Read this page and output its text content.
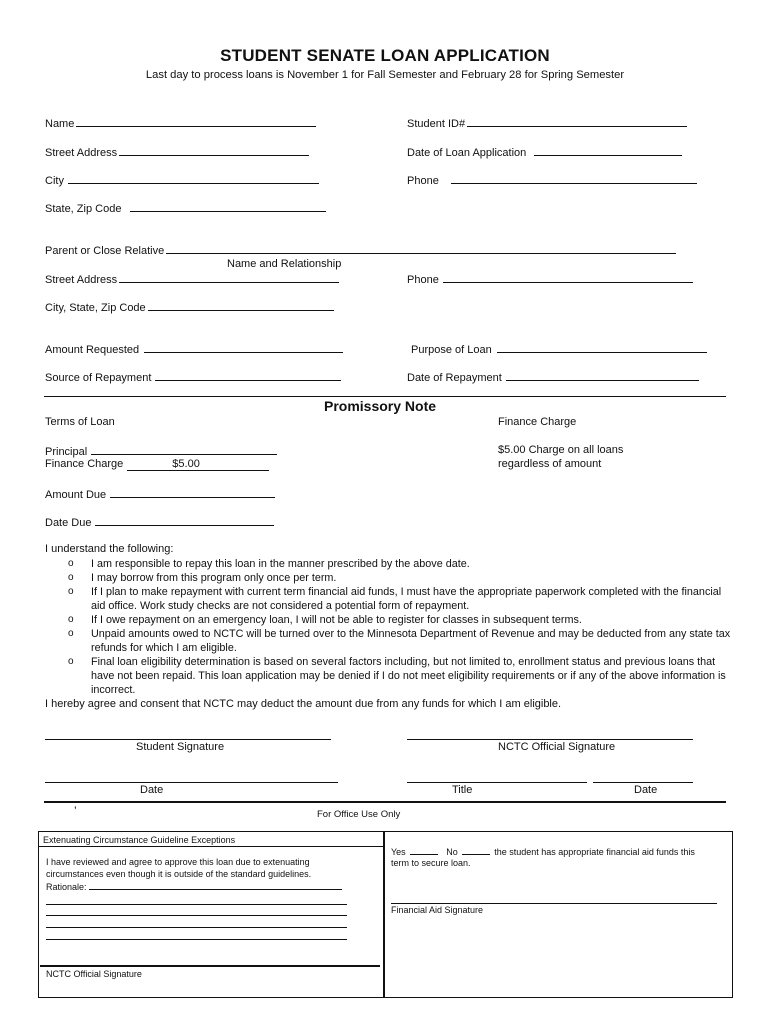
STUDENT SENATE LOAN APPLICATION
Last day to process loans is November 1 for Fall Semester and February 28 for Spring Semester
Name	Student ID#
Street Address	Date of Loan Application
City	Phone
State, Zip Code
Parent or Close Relative
Name and Relationship
Street Address	Phone
City, State, Zip Code
Amount Requested	Purpose of Loan
Source of Repayment	Date of Repayment
Promissory Note
Terms of Loan	Finance Charge
Principal
Finance Charge	$5.00
$5.00 Charge on all loans
regardless of amount
Amount Due
Date Due
I understand the following:
o I am responsible to repay this loan in the manner prescribed by the above date.
o I may borrow from this program only once per term.
o If I plan to make repayment with current term financial aid funds, I must have the appropriate paperwork completed with the financial aid office. Work study checks are not considered a potential form of repayment.
o If I owe repayment on an emergency loan, I will not be able to register for classes in subsequent terms.
o Unpaid amounts owed to NCTC will be turned over to the Minnesota Department of Revenue and may be deducted from any state tax refunds for which I am eligible.
o Final loan eligibility determination is based on several factors including, but not limited to, enrollment status and previous loans that have not been repaid. This loan application may be denied if I do not meet eligibility requirements or if any of the above information is incorrect.
I hereby agree and consent that NCTC may deduct the amount due from any funds for which I am eligible.
Student Signature	NCTC Official Signature
Date	Title	Date
’	For Office Use Only
Extenuating Circumstance Guideline Exceptions
I have reviewed and agree to approve this loan due to extenuating
circumstances even though it is outside of the standard guidelines.
Rationale:
NCTC Official Signature
Yes	No	the student has appropriate financial aid funds this
term to secure loan.
Financial Aid Signature
